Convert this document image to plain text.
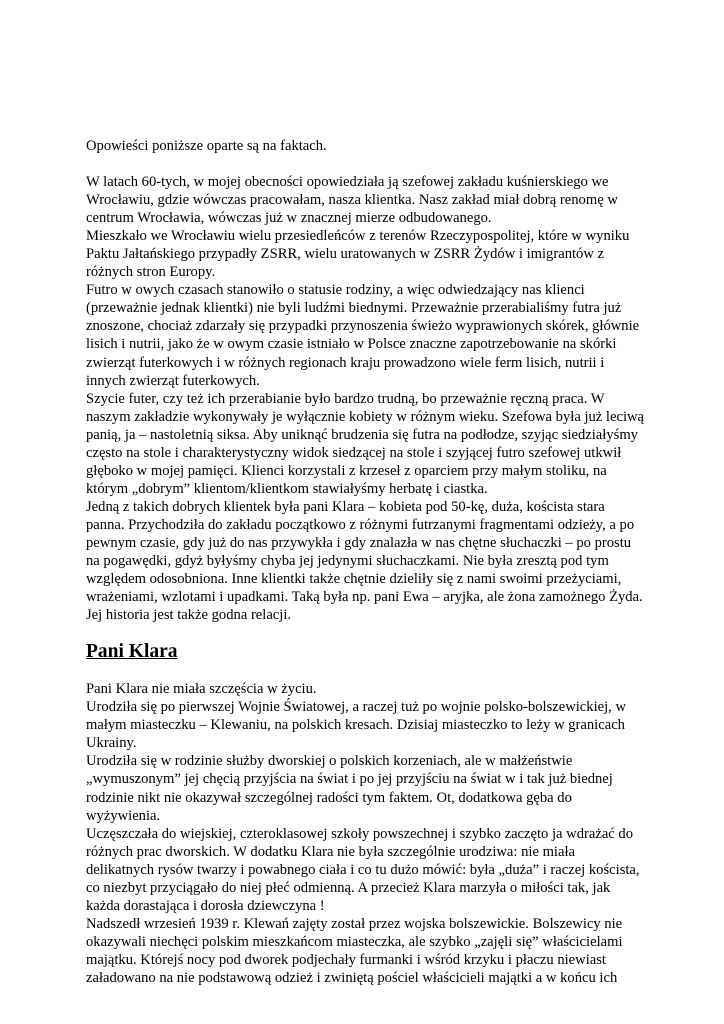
Opowieści poniższe oparte są na faktach.

W latach 60-tych, w mojej obecności opowiedziała ją szefowej zakładu kuśnierskiego we Wrocławiu, gdzie wówczas pracowałam, nasza klientka. Nasz zakład miał dobrą renomę w centrum Wrocławia, wówczas już w znacznej mierze odbudowanego.

Mieszkało we Wrocławiu wielu przesiedleńców z terenów Rzeczypospolitej, które w wyniku Paktu Jałtańskiego przypadły ZSRR, wielu uratowanych w ZSRR Żydów i imigrantów z różnych stron Europy.

Futro w owych czasach stanowiło o statusie rodziny, a więc odwiedzający nas klienci (przeważnie jednak klientki) nie byli ludźmi biednymi. Przeważnie przerabialiśmy futra już znoszone, chociaż zdarzały się przypadki przynoszenia świeżo wyprawionych skórek, głównie lisich i nutrii, jako że w owym czasie istniało w Polsce znaczne zapotrzebowanie na skórki zwierząt futerkowych i w różnych regionach kraju prowadzono wiele ferm lisich, nutrii i innych zwierząt futerkowych.

Szycie futer, czy też ich przerabianie było bardzo trudną, bo przeważnie ręczną praca. W naszym zakładzie wykonywały je wyłącznie kobiety w różnym wieku. Szefowa była już leciwą panią, ja – nastoletnią siksa. Aby uniknąć brudzenia się futra na podłodze, szyjąc siedziałyśmy często na stole i charakterystyczny widok siedzącej na stole i szyjącej futro szefowej utkwił głęboko w mojej pamięci. Klienci korzystali z krzeseł z oparciem przy małym stoliku, na którym „dobrym” klientom/klientkom stawiałyśmy herbatę i ciastka.

Jedną z takich dobrych klientek była pani Klara – kobieta pod 50-kę, duża, koścista stara panna. Przychodziła do zakładu początkowo z różnymi futrzanymi fragmentami odzieży, a po pewnym czasie, gdy już do nas przywykła i gdy znalazła w nas chętne słuchaczki – po prostu na pogawędki, gdyż byłyśmy chyba jej jedynymi słuchaczkami. Nie była zresztą pod tym względem odosobniona. Inne klientki także chętnie dzieliły się z nami swoimi przeżyciami, wrażeniami, wzlotami i upadkami. Taką była np. pani Ewa – aryjka, ale żona zamożnego Żyda. Jej historia jest także godna relacji.

Pani Klara

Pani Klara nie miała szczęścia w życiu.

Urodziła się po pierwszej Wojnie Światowej, a raczej tuż po wojnie polsko-bolszewickiej, w małym miasteczku – Klewaniu, na polskich kresach. Dzisiaj miasteczko to leży w granicach Ukrainy.

Urodziła się w rodzinie służby dworskiej o polskich korzeniach, ale w małżeństwie „wymuszonym” jej chęcią przyjścia na świat i po jej przyjściu na świat w i tak już biednej rodzinie nikt nie okazywał szczególnej radości tym faktem. Ot, dodatkowa gęba do wyżywienia.

Uczęszczała do wiejskiej, czteroklasowej szkoły powszechnej i szybko zaczęto ja wdrażać do różnych prac dworskich. W dodatku Klara nie była szczególnie urodziwa: nie miała delikatnych rysów twarzy i powabnego ciała i co tu dużo mówić: była „duża” i raczej koścista, co niezbyt przyciągało do niej płeć odmienną. A przecież Klara marzyła o miłości tak, jak każda dorastająca i dorosła dziewczyna !

Nadszedł wrzesień 1939 r. Klewań zajęty został przez wojska bolszewickie. Bolszewicy nie okazywali niechęci polskim mieszkańcom miasteczka, ale szybko „zajęli się” właścicielami majątku. Którejś nocy pod dworek podjechały furmanki i wśród krzyku i płaczu niewiast załadowano na nie podstawową odzież i zwiniętą pościel właścicieli majątki a w końcu ich
